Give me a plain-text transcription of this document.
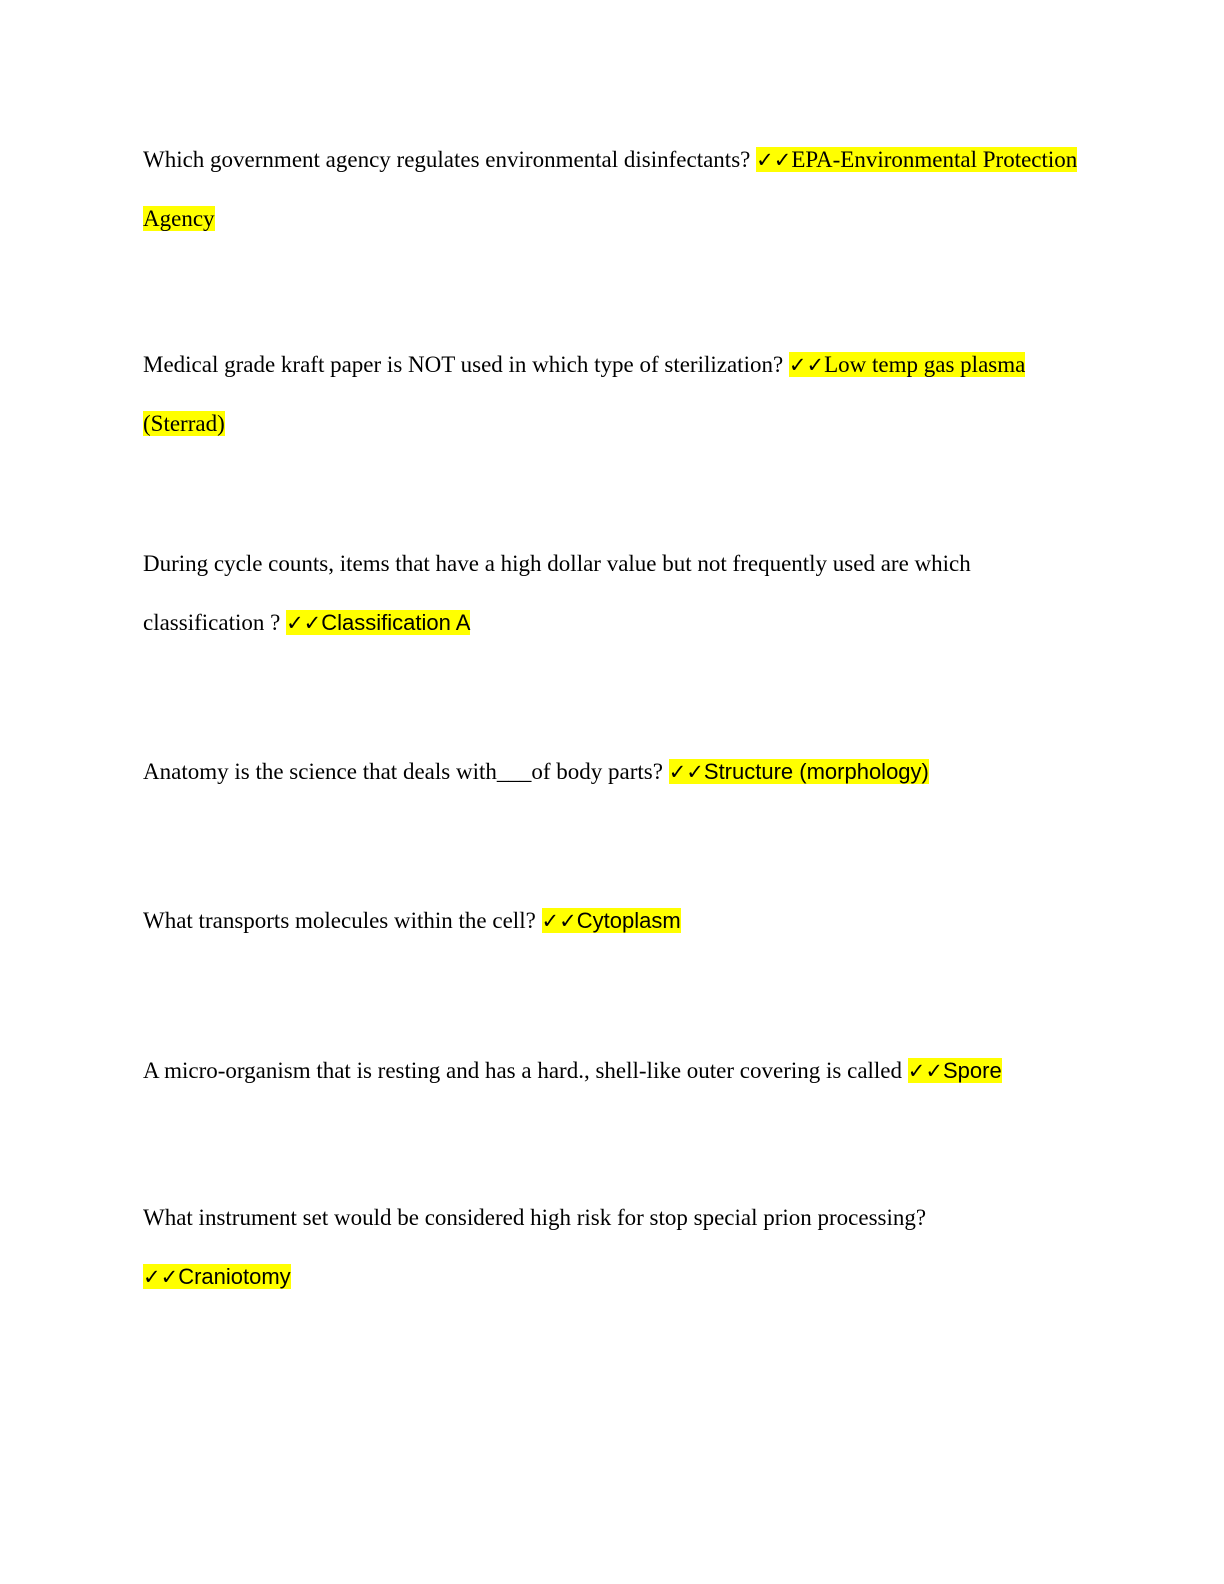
Which government agency regulates environmental disinfectants? ✓✓EPA-Environmental Protection Agency
Medical grade kraft paper is NOT used in which type of sterilization? ✓✓Low temp gas plasma (Sterrad)
During cycle counts, items that have a high dollar value but not frequently used are which classification ? ✓✓Classification A
Anatomy is the science that deals with___of body parts? ✓✓Structure (morphology)
What transports molecules within the cell? ✓✓Cytoplasm
A micro-organism that is resting and has a hard., shell-like outer covering is called ✓✓Spore
What instrument set would be considered high risk for stop special prion processing?
✓✓Craniotomy
